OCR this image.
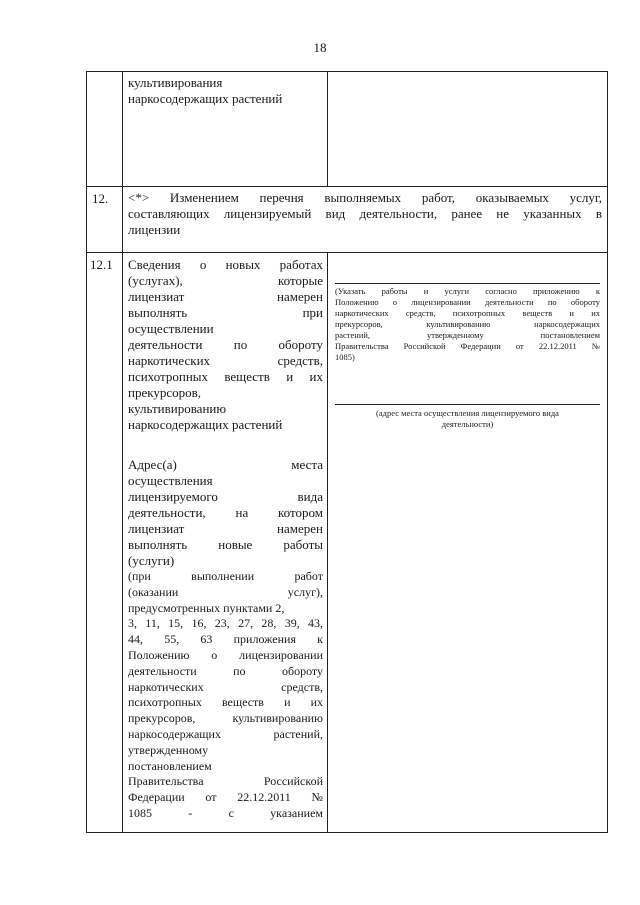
18
культивирования
наркосодержащих растений
12. <*> Изменением перечня выполняемых работ, оказываемых услуг,
составляющих лицензируемый вид деятельности, ранее не указанных в
лицензии
12.1 Сведения о новых работах
(услугах), которые
лицензиат намерен
выполнять при
осуществлении
деятельности по обороту
наркотических средств,
психотропных веществ и их
прекурсоров,
культивированию
наркосодержащих растений
Адрес(а) места
осуществления
лицензируемого вида
деятельности, на котором
лицензиат намерен
выполнять новые работы
(услуги)
(при выполнении работ
(оказании услуг),
предусмотренных пунктами 2,
3, 11, 15, 16, 23, 27, 28, 39, 43,
44, 55, 63 приложения к
Положению о лицензировании
деятельности по обороту
наркотических средств,
психотропных веществ и их
прекурсоров, культивированию
наркосодержащих растений,
утвержденному
постановлением
Правительства Российской
Федерации от 22.12.2011 №
1085 - с указанием
(Указать работы и услуги согласно приложению к
Положению о лицензировании деятельности по обороту
наркотических средств, психотропных веществ и их
прекурсоров, культивированию наркосодержащих
растений, утвержденному постановлением
Правительства Российской Федерации от 22.12.2011 №
1085)
(адрес места осуществления лицензируемого вида
деятельности)
